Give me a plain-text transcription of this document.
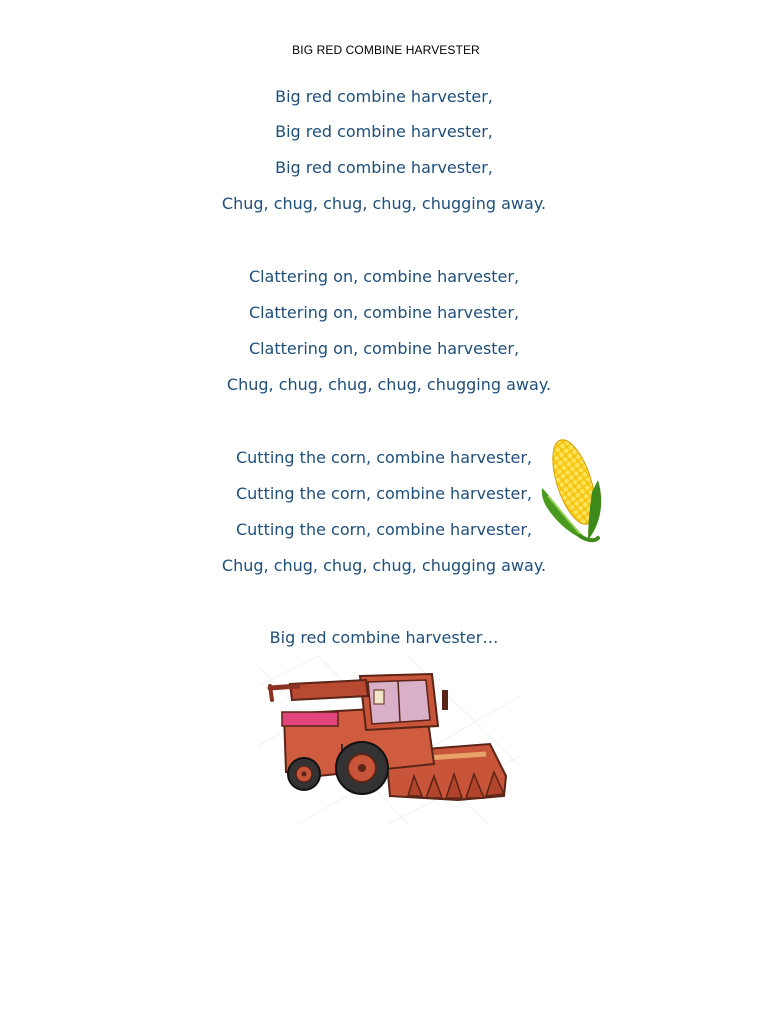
BIG RED COMBINE HARVESTER
Big red combine harvester,
Big red combine harvester,
Big red combine harvester,
Chug, chug, chug, chug, chugging away.
Clattering on, combine harvester,
Clattering on, combine harvester,
Clattering on, combine harvester,
Chug, chug, chug, chug, chugging away.
Cutting the corn, combine harvester,
Cutting the corn, combine harvester,
Cutting the corn, combine harvester,
Chug, chug, chug, chug, chugging away.
Big red combine harvester…
